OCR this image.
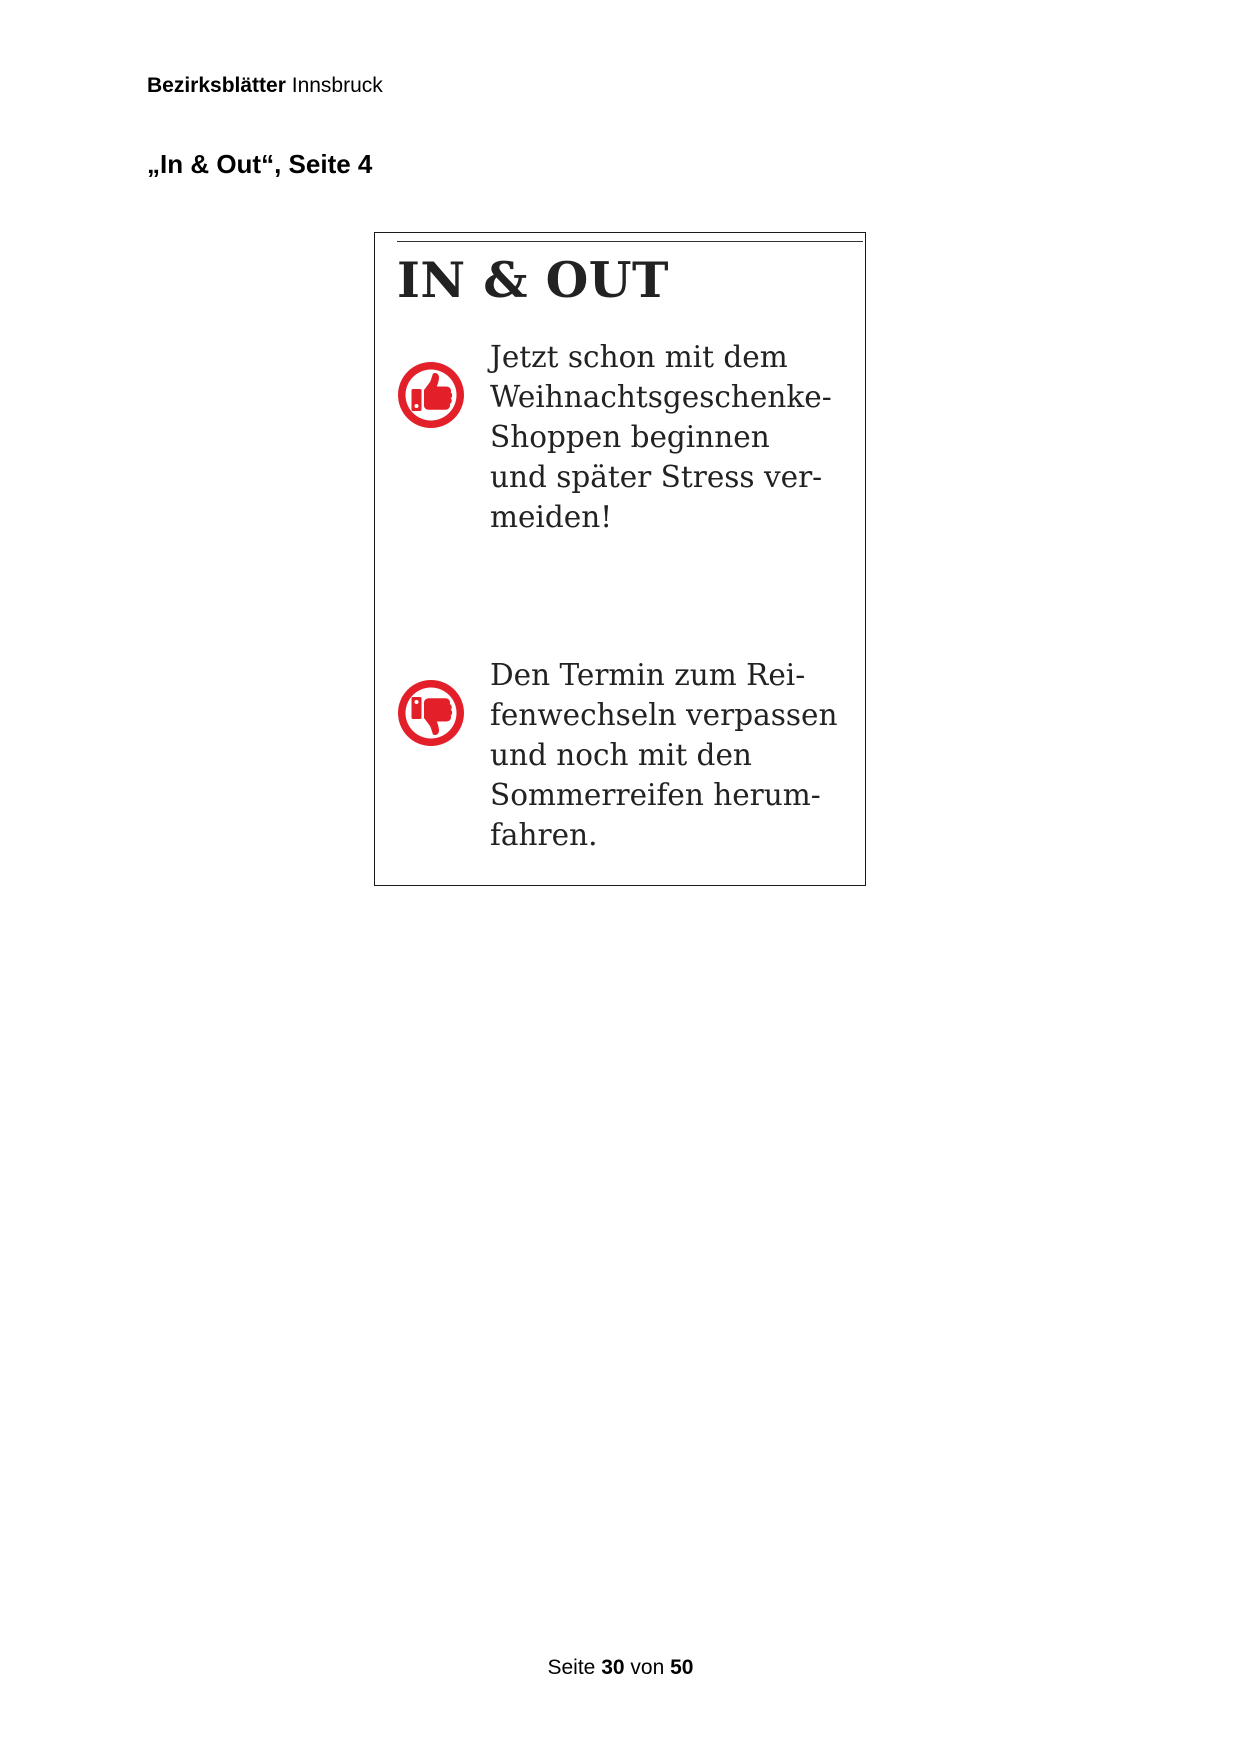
Bezirksblätter Innsbruck
„In & Out“, Seite 4
IN & OUT
Jetzt schon mit dem
Weihnachtsgeschenke-
Shoppen beginnen
und später Stress ver-
meiden!
Den Termin zum Rei-
fenwechseln verpassen
und noch mit den
Sommerreifen herum-
fahren.
Seite 30 von 50
